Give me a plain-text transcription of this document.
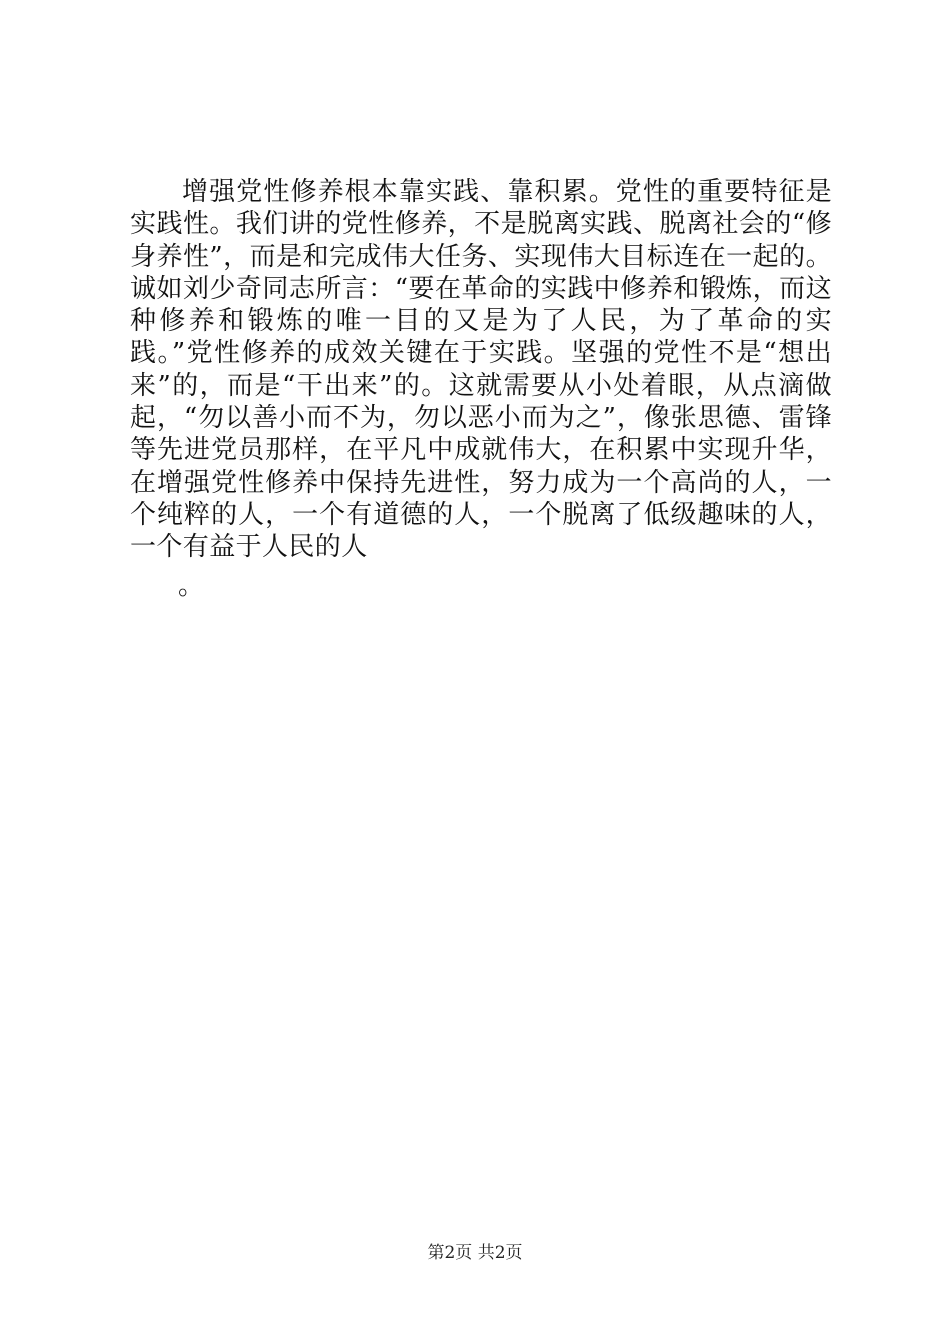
增强党性修养根本靠实践、靠积累。党性的重要特征是实践性。我们讲的党性修养，不是脱离实践、脱离社会的“修身养性”，而是和完成伟大任务、实现伟大目标连在一起的。诚如刘少奇同志所言：“要在革命的实践中修养和锻炼，而这种修养和锻炼的唯一目的又是为了人民，为了革命的实践。”党性修养的成效关键在于实践。坚强的党性不是“想出来”的，而是“干出来”的。这就需要从小处着眼，从点滴做起，“勿以善小而不为，勿以恶小而为之”，像张思德、雷锋等先进党员那样，在平凡中成就伟大，在积累中实现升华，在增强党性修养中保持先进性，努力成为一个高尚的人，一个纯粹的人，一个有道德的人，一个脱离了低级趣味的人，一个有益于人民的人

。

第2页 共2页
